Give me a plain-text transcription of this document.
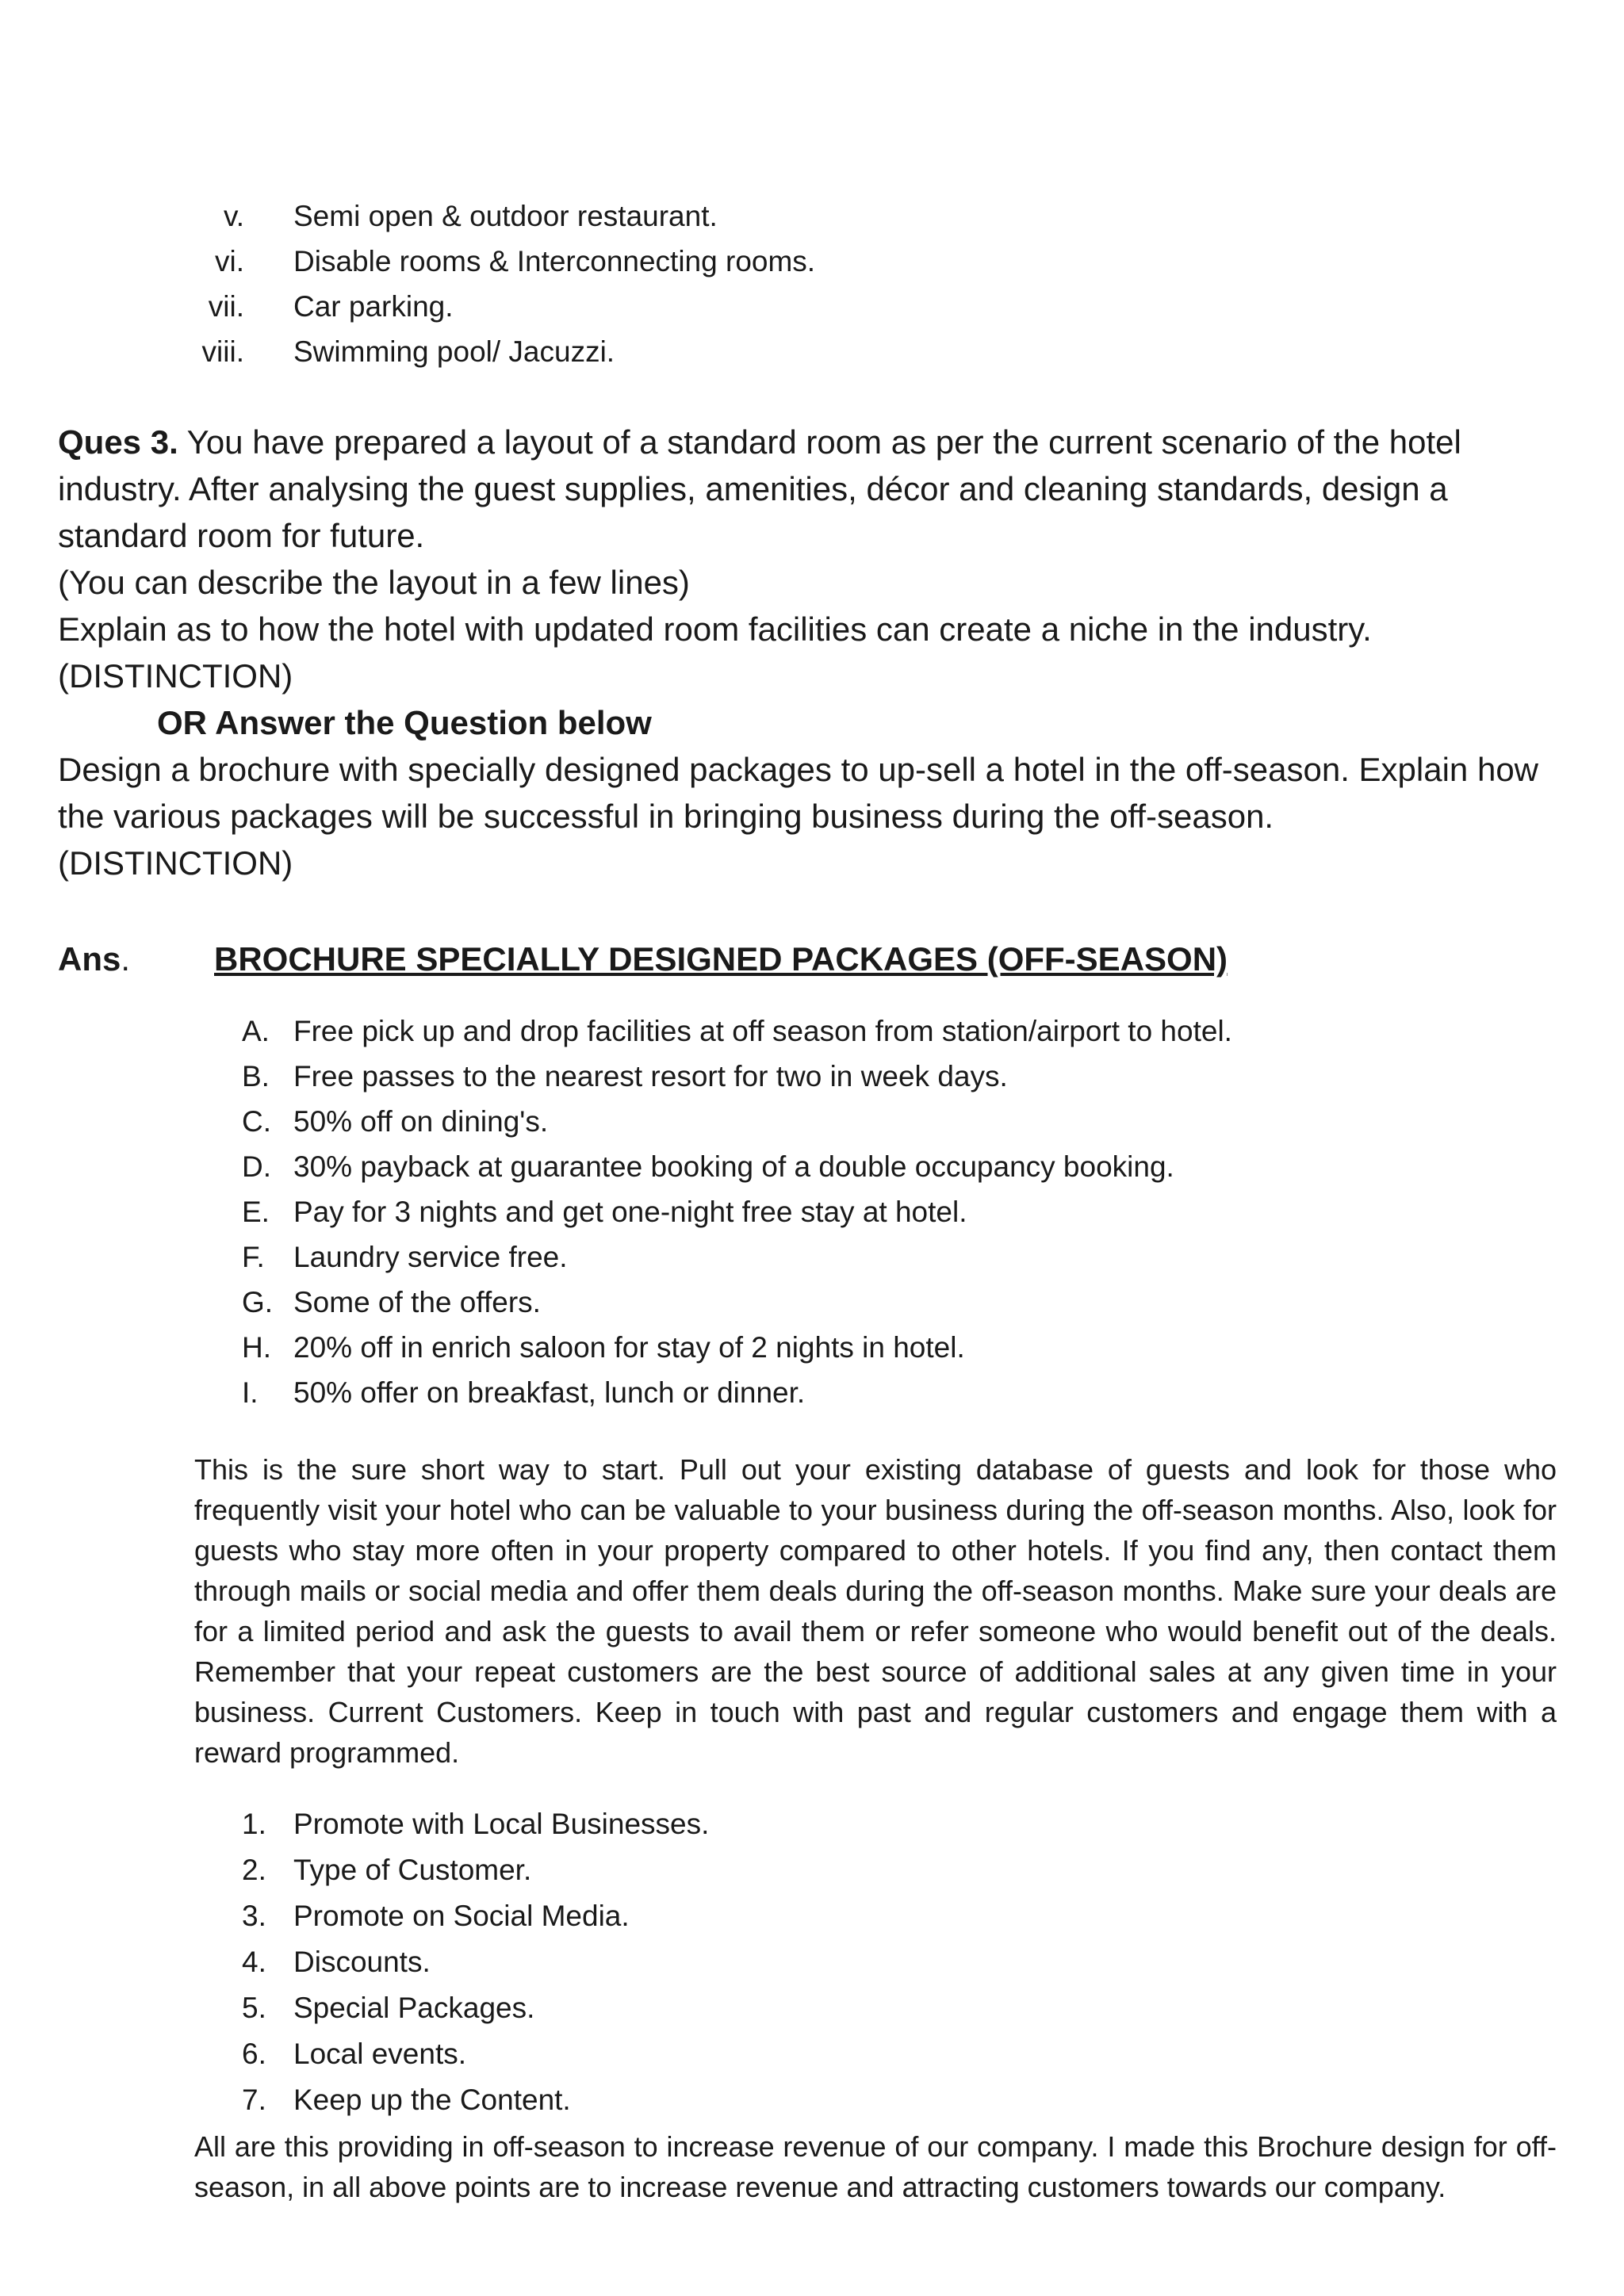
v. Semi open & outdoor restaurant.
vi. Disable rooms & Interconnecting rooms.
vii. Car parking.
viii. Swimming pool/ Jacuzzi.

Ques 3. You have prepared a layout of a standard room as per the current scenario of the hotel industry. After analysing the guest supplies, amenities, décor and cleaning standards, design a standard room for future.

(You can describe the layout in a few lines)

Explain as to how the hotel with updated room facilities can create a niche in the industry.

(DISTINCTION)

OR Answer the Question below

Design a brochure with specially designed packages to up-sell a hotel in the off-season. Explain how the various packages will be successful in bringing business during the off-season.

(DISTINCTION)

Ans.	BROCHURE SPECIALLY DESIGNED PACKAGES (OFF-SEASON)
A. Free pick up and drop facilities at off season from station/airport to hotel.
B. Free passes to the nearest resort for two in week days.
C. 50% off on dining's.
D. 30% payback at guarantee booking of a double occupancy booking.
E. Pay for 3 nights and get one-night free stay at hotel.
F. Laundry service free.
G. Some of the offers.
H. 20% off in enrich saloon for stay of 2 nights in hotel.
I. 50% offer on breakfast, lunch or dinner.

This is the sure short way to start. Pull out your existing database of guests and look for those who frequently visit your hotel who can be valuable to your business during the off-season months. Also, look for guests who stay more often in your property compared to other hotels. If you find any, then contact them through mails or social media and offer them deals during the off-season months. Make sure your deals are for a limited period and ask the guests to avail them or refer someone who would benefit out of the deals. Remember that your repeat customers are the best source of additional sales at any given time in your business. Current Customers. Keep in touch with past and regular customers and engage them with a reward programmed.

1. Promote with Local Businesses.
2. Type of Customer.
3. Promote on Social Media.
4. Discounts.
5. Special Packages.
6. Local events.
7. Keep up the Content.

All are this providing in off-season to increase revenue of our company. I made this Brochure design for off-season, in all above points are to increase revenue and attracting customers towards our company.
